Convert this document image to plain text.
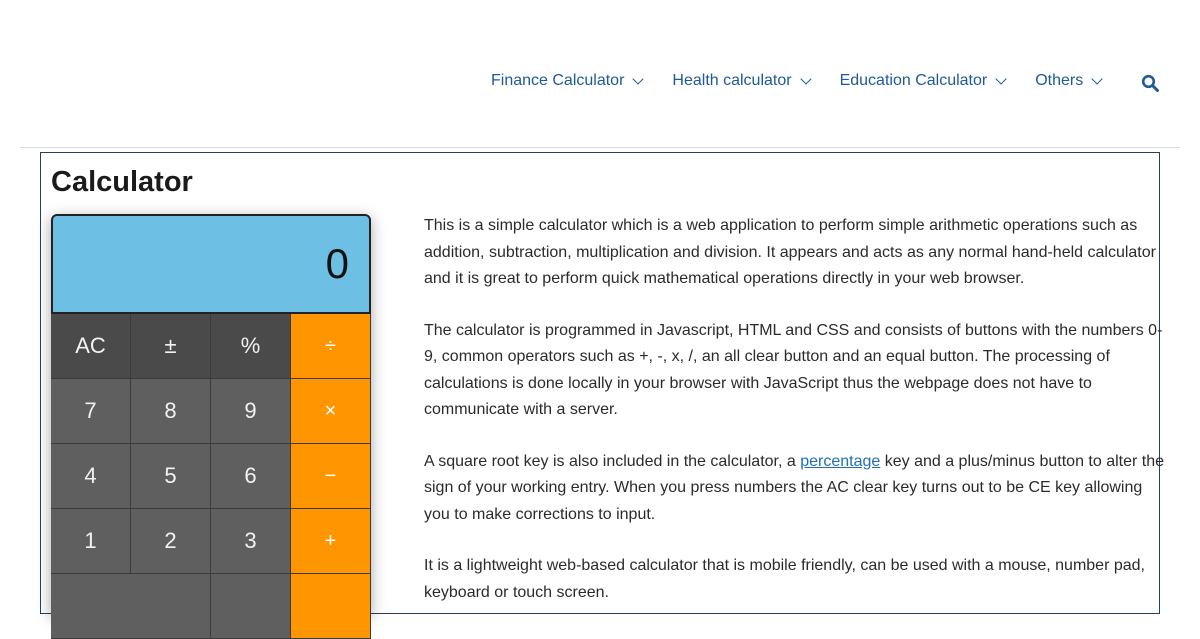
Finance Calculator	Health calculator	Education Calculator	Others
Calculator
0
AC	±	%	÷
7	8	9	×
4	5	6	−
1	2	3	+

This is a simple calculator which is a web application to perform simple arithmetic operations such as addition, subtraction, multiplication and division. It appears and acts as any normal hand-held calculator and it is great to perform quick mathematical operations directly in your web browser.

The calculator is programmed in Javascript, HTML and CSS and consists of buttons with the numbers 0-9, common operators such as +, -, x, /, an all clear button and an equal button. The processing of calculations is done locally in your browser with JavaScript thus the webpage does not have to communicate with a server.

A square root key is also included in the calculator, a percentage key and a plus/minus button to alter the sign of your working entry. When you press numbers the AC clear key turns out to be CE key allowing you to make corrections to input.

It is a lightweight web-based calculator that is mobile friendly, can be used with a mouse, number pad, keyboard or touch screen.
